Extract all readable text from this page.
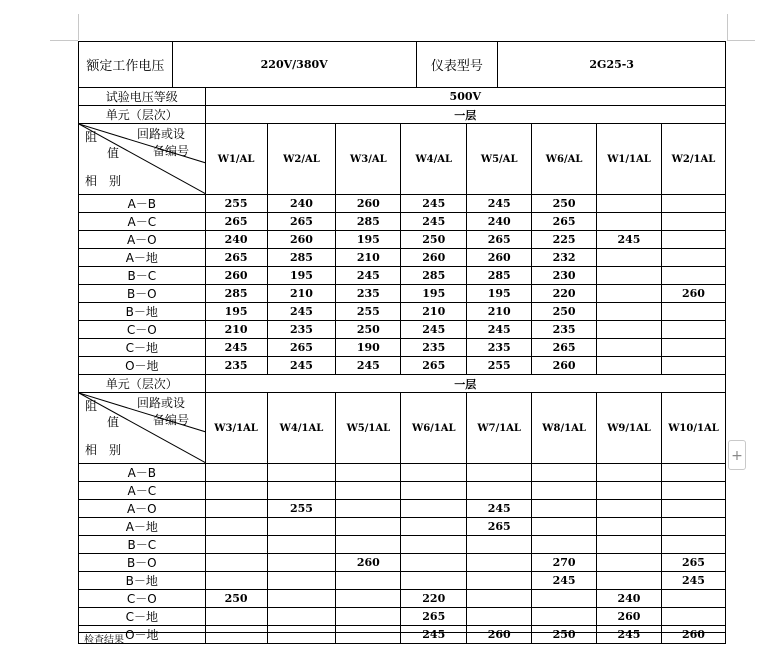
额定工作电压	220V/380V	仪表型号	2G25-3
试验电压等级	500V							
单元（层次）	一层							

回路或设
备编号
阻
值
相　别	W1/AL	W2/AL	W3/AL	W4/AL	W5/AL	W6/AL	W1/1AL	W2/1AL
A－B	255	240	260	245	245	250		
A－C	265	265	285	245	240	265		
A－O	240	260	195	250	265	225	245	
A－地	265	285	210	260	260	232		
B－C	260	195	245	285	285	230		
B－O	285	210	235	195	195	220		260
B－地	195	245	255	210	210	250		
C－O	210	235	250	245	245	235		
C－地	245	265	190	235	235	265		
O－地	235	245	245	265	255	260		
单元（层次）	一层							

回路或设
备编号
阻
值
相　别	W3/1AL	W4/1AL	W5/1AL	W6/1AL	W7/1AL	W8/1AL	W9/1AL	W10/1AL
A－B								
A－C								
A－O		255			245			
A－地					265			
B－C								
B－O			260			270		265
B－地						245		245
C－O	250			220			240	
C－地				265			260	
O－地				245	260	250	245	260
检查结果
+
